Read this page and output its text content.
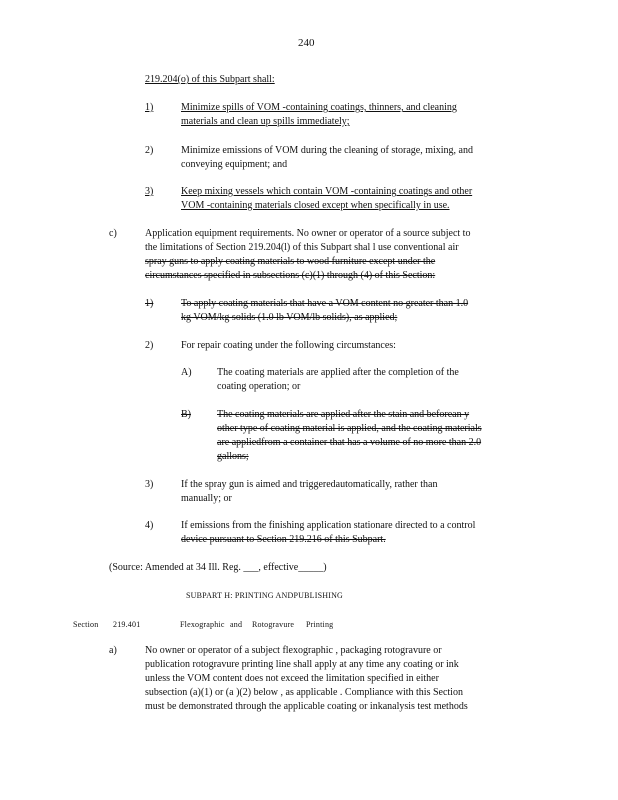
240
219.204(o) of this Subpart shall:
1)	Minimize spills of VOM -containing coatings, thinners, and cleaning
materials and clean up spills immediately;
2)	Minimize emissions of VOM during the cleaning of storage, mixing, and
conveying equipment; and
3)	Keep mixing vessels which contain VOM -containing coatings and other
VOM -containing materials closed except when specifically in use.
c)	Application equipment requirements. No owner or operator of a source subject to
the limitations of Section 219.204(l) of this Subpart shal l use conventional air
spray guns to apply coating materials to wood furniture except under the
circumstances specified in subsections (c)(1) through (4) of this Section:
1)	To apply coating materials that have a VOM content no greater than 1.0
kg VOM/kg solids (1.0 lb VOM/lb solids), as applied;
2)	For repair coating under the following circumstances:
A)	The coating materials are applied after the completion of the
coating operation; or
B)	The coating materials are applied after the stain and beforean y
other type of coating material is applied, and the coating materials
are appliedfrom a container that has a volume of no more than 2.0
gallons;
3)	If the spray gun is aimed and triggeredautomatically, rather than
manually; or
4)	If emissions from the finishing application stationare directed to a control
device pursuant to Section 219.216 of this Subpart.
(Source: Amended at 34 Ill. Reg. ___, effective_____)
SUBPART H: PRINTING ANDPUBLISHING
Section 219.401	Flexographic and Rotogravure Printing
a)	No owner or operator of a subject flexographic , packaging rotogravure or
publication rotogravure printing line shall apply at any time any coating or ink
unless the VOM content does not exceed the limitation specified in either
subsection (a)(1) or (a )(2) below , as applicable . Compliance with this Section
must be demonstrated through the applicable coating or inkanalysis test methods
